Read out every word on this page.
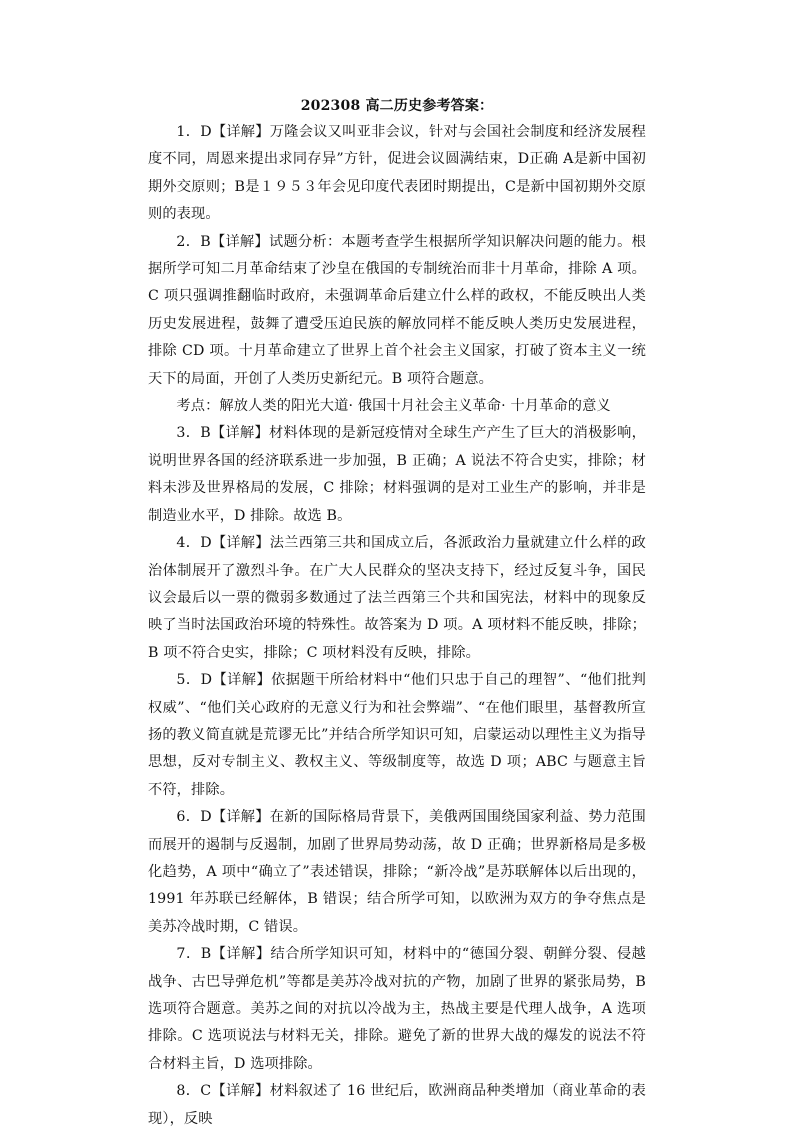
202308 高二历史参考答案：

1．D【详解】万隆会议又叫亚非会议，针对与会国社会制度和经济发展程度不同，周恩来提出求同存异”方针，促进会议圆满结束，D正确 A是新中国初期外交原则；B是１９５３年会见印度代表团时期提出，C是新中国初期外交原则的表现。

2．B【详解】试题分析：本题考查学生根据所学知识解决问题的能力。根据所学可知二月革命结束了沙皇在俄国的专制统治而非十月革命，排除 A 项。C 项只强调推翻临时政府，未强调革命后建立什么样的政权，不能反映出人类历史发展进程，鼓舞了遭受压迫民族的解放同样不能反映人类历史发展进程，排除 CD 项。十月革命建立了世界上首个社会主义国家，打破了资本主义一统天下的局面，开创了人类历史新纪元。B 项符合题意。

考点：解放人类的阳光大道· 俄国十月社会主义革命· 十月革命的意义

3．B【详解】材料体现的是新冠疫情对全球生产产生了巨大的消极影响，说明世界各国的经济联系进一步加强，B 正确；A 说法不符合史实，排除；材料未涉及世界格局的发展，C 排除；材料强调的是对工业生产的影响，并非是制造业水平，D 排除。故选 B。

4．D【详解】法兰西第三共和国成立后，各派政治力量就建立什么样的政治体制展开了激烈斗争。在广大人民群众的坚决支持下，经过反复斗争，国民议会最后以一票的微弱多数通过了法兰西第三个共和国宪法，材料中的现象反映了当时法国政治环境的特殊性。故答案为 D 项。A 项材料不能反映，排除；B 项不符合史实，排除；C 项材料没有反映，排除。

5．D【详解】依据题干所给材料中“他们只忠于自己的理智”、“他们批判权威”、“他们关心政府的无意义行为和社会弊端”、“在他们眼里，基督教所宣扬的教义简直就是荒谬无比”并结合所学知识可知，启蒙运动以理性主义为指导思想，反对专制主义、教权主义、等级制度等，故选 D 项；ABC 与题意主旨不符，排除。

6．D【详解】在新的国际格局背景下，美俄两国围绕国家利益、势力范围而展开的遏制与反遏制，加剧了世界局势动荡，故 D 正确；世界新格局是多极化趋势，A 项中“确立了”表述错误，排除；“新冷战”是苏联解体以后出现的，1991 年苏联已经解体，B 错误；结合所学可知，以欧洲为双方的争夺焦点是美苏冷战时期，C 错误。

7．B【详解】结合所学知识可知，材料中的“德国分裂、朝鲜分裂、侵越战争、古巴导弹危机”等都是美苏冷战对抗的产物，加剧了世界的紧张局势，B 选项符合题意。美苏之间的对抗以冷战为主，热战主要是代理人战争，A 选项排除。C 选项说法与材料无关，排除。避免了新的世界大战的爆发的说法不符合材料主旨，D 选项排除。

8．C【详解】材料叙述了 16 世纪后，欧洲商品种类增加（商业革命的表现），反映
